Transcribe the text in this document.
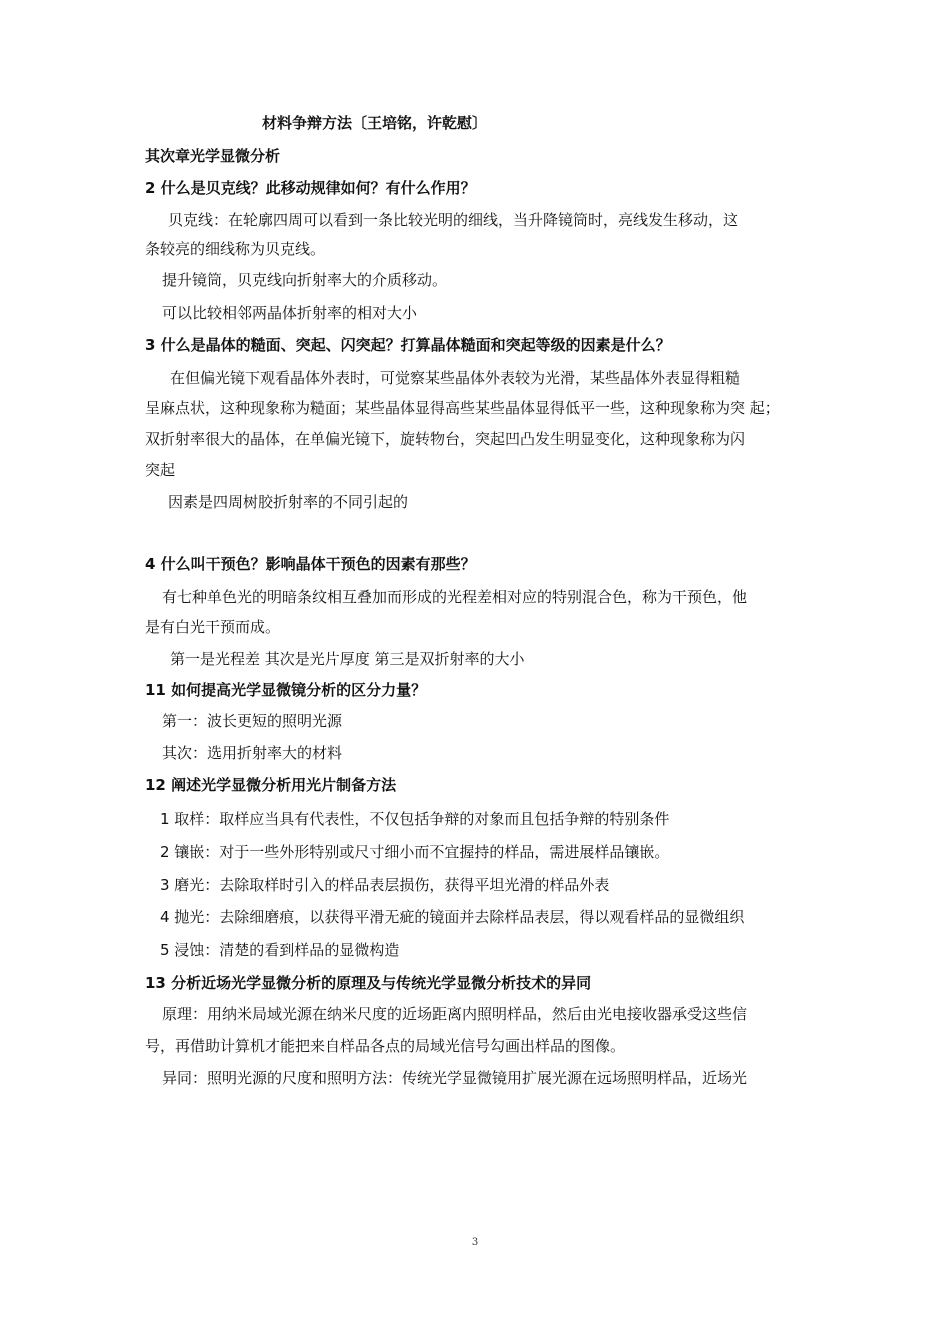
材料争辩方法〔王培铭，许乾慰〕
其次章光学显微分析
2 什么是贝克线？此移动规律如何？有什么作用？
贝克线：在轮廓四周可以看到一条比较光明的细线，当升降镜筒时，亮线发生移动，这
条较亮的细线称为贝克线。
提升镜筒，贝克线向折射率大的介质移动。
可以比较相邻两晶体折射率的相对大小
3 什么是晶体的糙面、突起、闪突起？打算晶体糙面和突起等级的因素是什么？
在但偏光镜下观看晶体外表时，可觉察某些晶体外表较为光滑，某些晶体外表显得粗糙
呈麻点状，这种现象称为糙面；某些晶体显得高些某些晶体显得低平一些，这种现象称为突 起；
双折射率很大的晶体，在单偏光镜下，旋转物台，突起凹凸发生明显变化，这种现象称为闪
突起
因素是四周树胶折射率的不同引起的
4 什么叫干预色？影响晶体干预色的因素有那些？
有七种单色光的明暗条纹相互叠加而形成的光程差相对应的特别混合色，称为干预色，他
是有白光干预而成。
第一是光程差 其次是光片厚度 第三是双折射率的大小
11 如何提高光学显微镜分析的区分力量？
第一：波长更短的照明光源
其次：选用折射率大的材料
12 阐述光学显微分析用光片制备方法
1 取样：取样应当具有代表性，不仅包括争辩的对象而且包括争辩的特别条件
2 镶嵌：对于一些外形特别或尺寸细小而不宜握持的样品，需进展样品镶嵌。
3 磨光：去除取样时引入的样品表层损伤，获得平坦光滑的样品外表
4 抛光：去除细磨痕，以获得平滑无疵的镜面并去除样品表层，得以观看样品的显微组织
5 浸蚀：清楚的看到样品的显微构造
13 分析近场光学显微分析的原理及与传统光学显微分析技术的异同
原理：用纳米局域光源在纳米尺度的近场距离内照明样品，然后由光电接收器承受这些信
号，再借助计算机才能把来自样品各点的局域光信号勾画出样品的图像。
异同：照明光源的尺度和照明方法：传统光学显微镜用扩展光源在远场照明样品，近场光
3
